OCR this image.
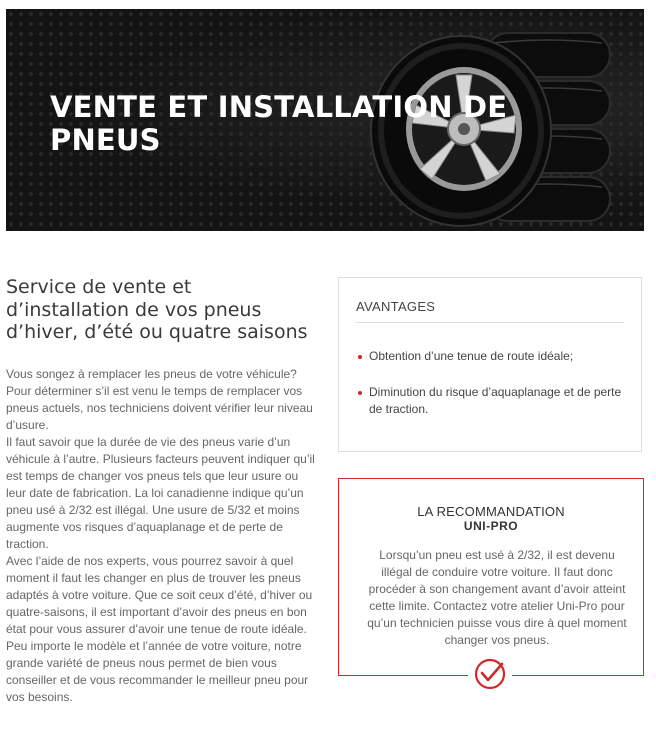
VENTE ET INSTALLATION DE PNEUS
Service de vente et d’installation de vos pneus d’hiver, d’été ou quatre saisons

Vous songez à remplacer les pneus de votre véhicule? Pour déterminer s’il est venu le temps de remplacer vos pneus actuels, nos techniciens doivent vérifier leur niveau d’usure.

Il faut savoir que la durée de vie des pneus varie d’un véhicule à l’autre. Plusieurs facteurs peuvent indiquer qu’il est temps de changer vos pneus tels que leur usure ou leur date de fabrication. La loi canadienne indique qu’un pneu usé à 2/32 est illégal. Une usure de 5/32 et moins augmente vos risques d’aquaplanage et de perte de traction.

Avec l’aide de nos experts, vous pourrez savoir à quel moment il faut les changer en plus de trouver les pneus adaptés à votre voiture. Que ce soit ceux d’été, d’hiver ou quatre-saisons, il est important d’avoir des pneus en bon état pour vous assurer d’avoir une tenue de route idéale. Peu importe le modèle et l’année de votre voiture, notre grande variété de pneus nous permet de bien vous conseiller et de vous recommander le meilleur pneu pour vos besoins.

AVANTAGES
Obtention d’une tenue de route idéale;
Diminution du risque d’aquaplanage et de perte de traction.
LA RECOMMANDATION
UNI-PRO

Lorsqu’un pneu est usé à 2/32, il est devenu illégal de conduire votre voiture. Il faut donc procéder à son changement avant d’avoir atteint cette limite. Contactez votre atelier Uni-Pro pour qu’un technicien puisse vous dire à quel moment changer vos pneus.
